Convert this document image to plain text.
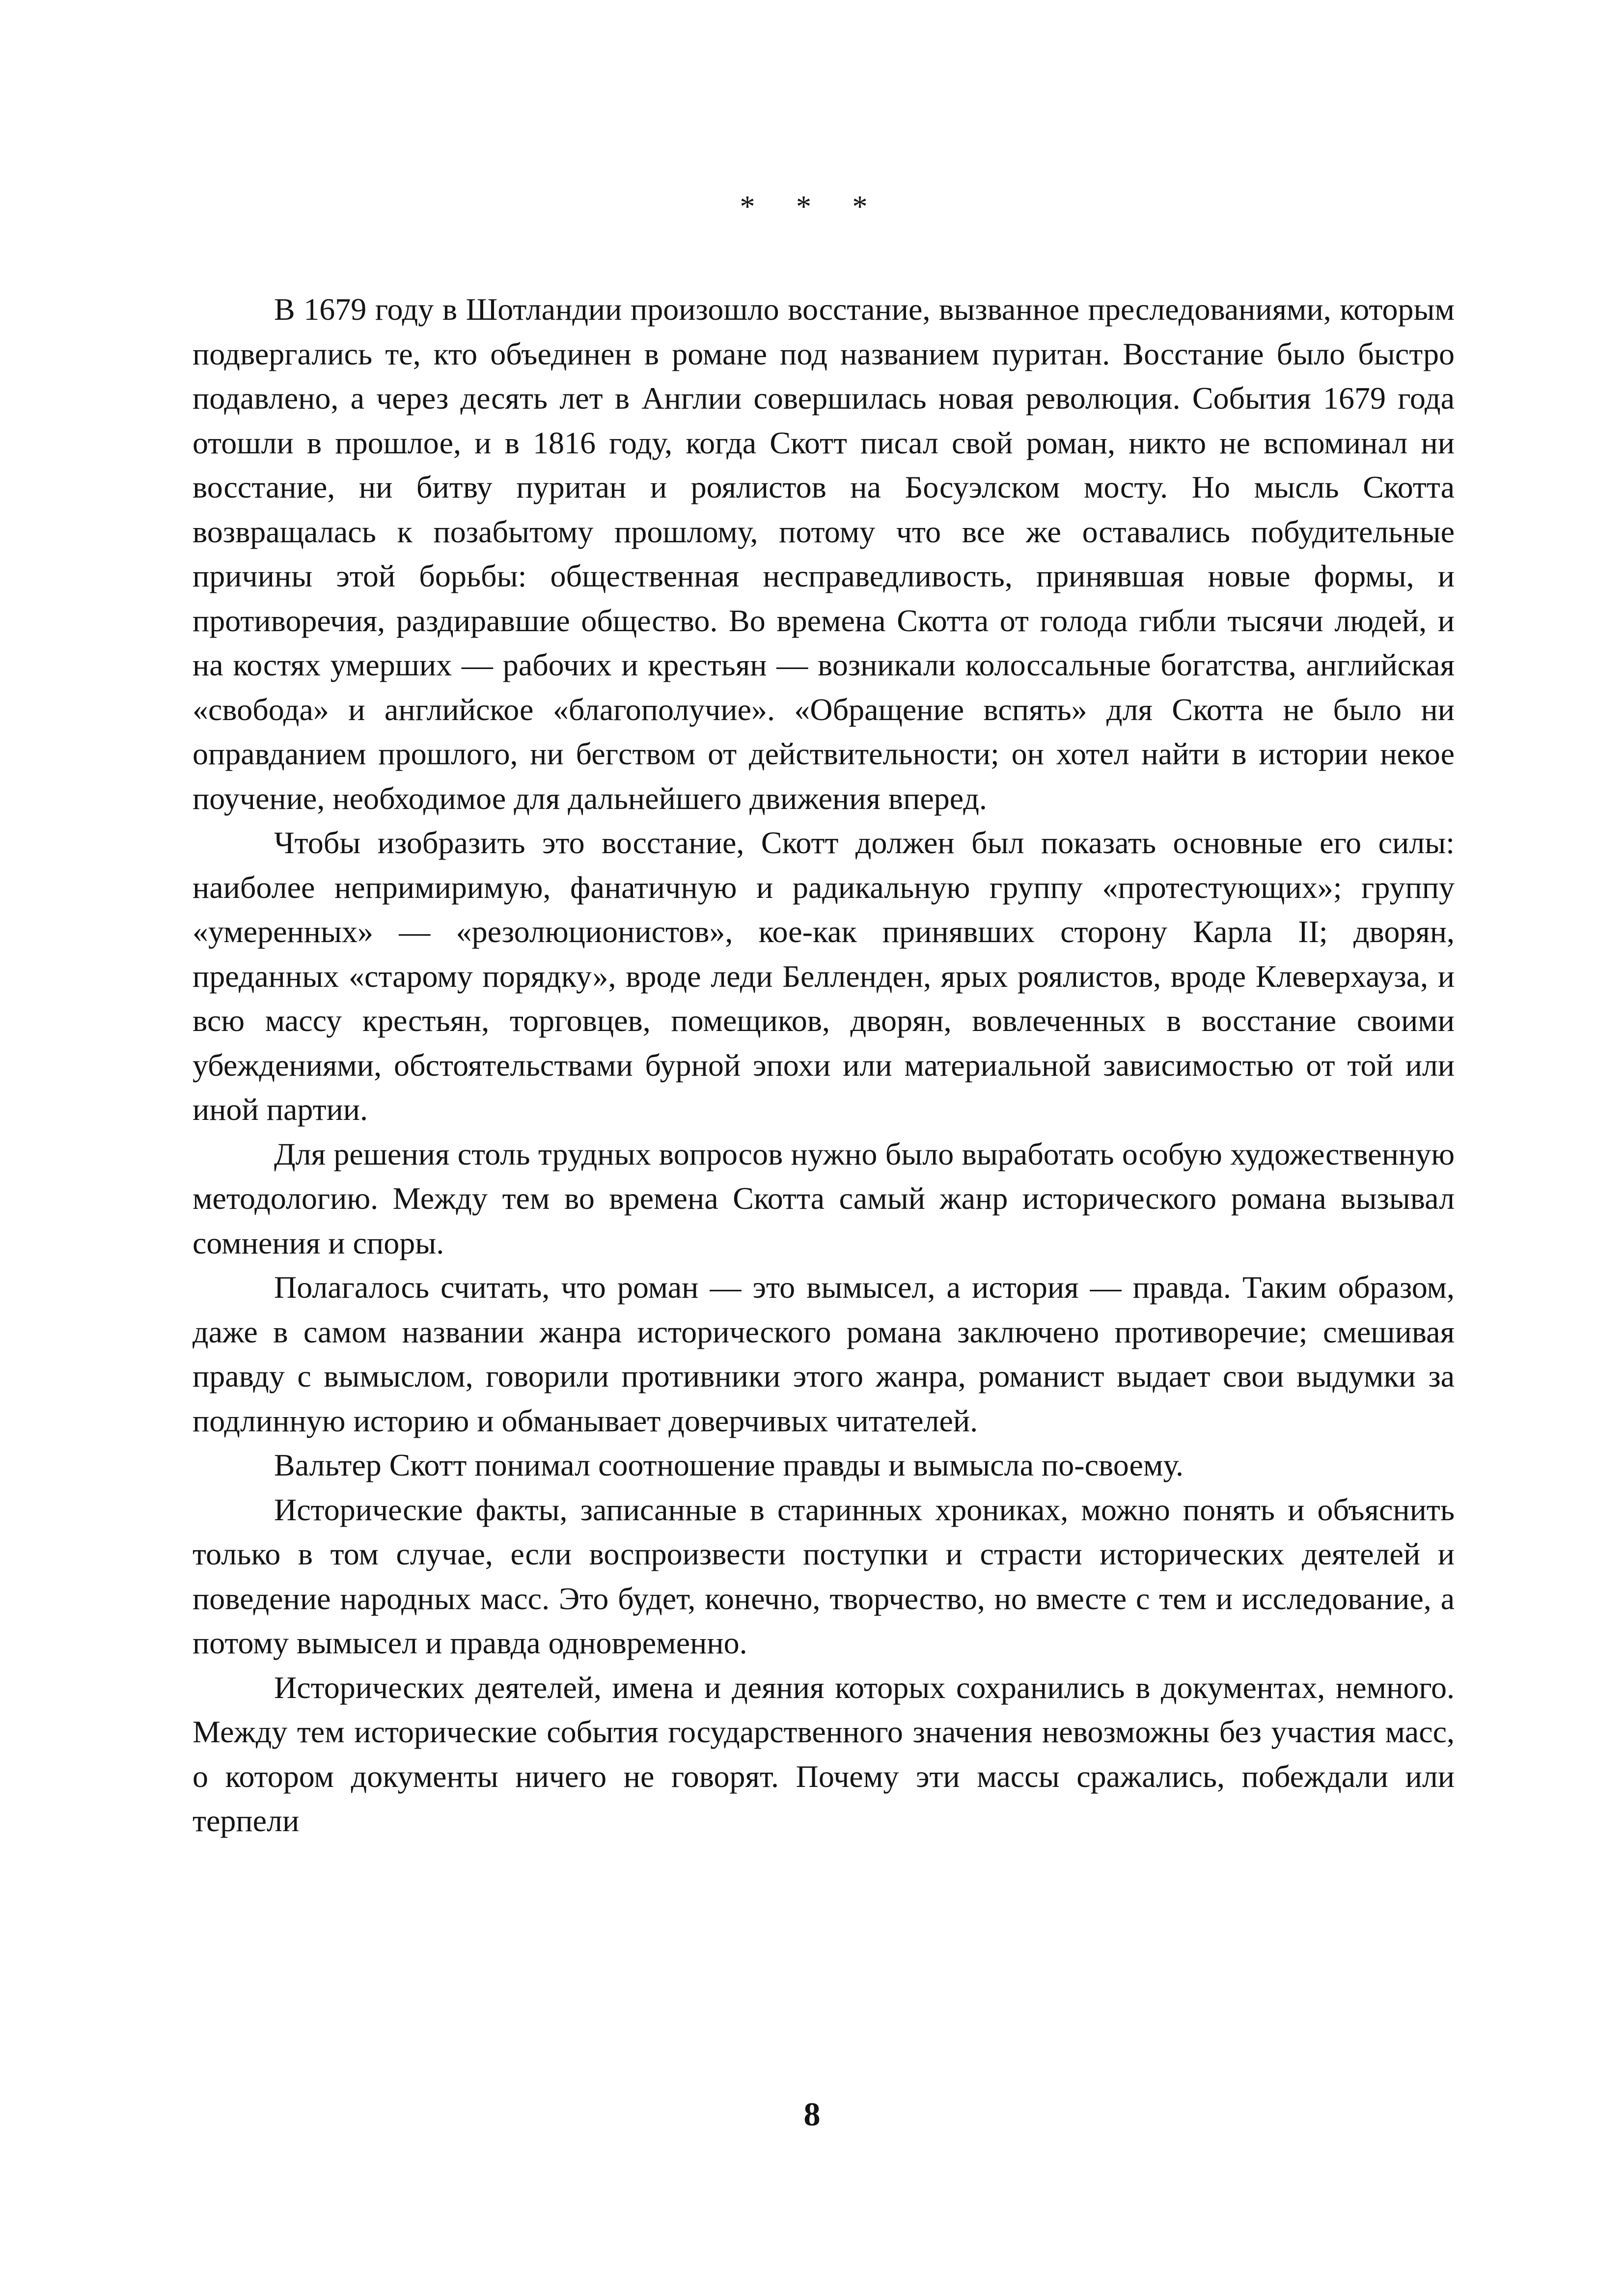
* * *

В 1679 году в Шотландии произошло восстание, вызванное преследованиями, которым подвергались те, кто объединен в романе под названием пуритан. Восстание было быстро подавлено, а через десять лет в Англии совершилась новая революция. События 1679 года отошли в прошлое, и в 1816 году, когда Скотт писал свой роман, никто не вспоминал ни восстание, ни битву пуритан и роялистов на Босуэлском мосту. Но мысль Скотта возвращалась к позабытому прошлому, потому что все же оставались побудительные причины этой борьбы: общественная несправедливость, принявшая новые формы, и противоречия, раздиравшие общество. Во времена Скотта от голода гибли тысячи людей, и на костях умерших — рабочих и крестьян — возникали колоссальные богатства, английская «свобода» и английское «благополучие». «Обращение вспять» для Скотта не было ни оправданием прошлого, ни бегством от действительности; он хотел найти в истории некое поучение, необходимое для дальнейшего движения вперед.

Чтобы изобразить это восстание, Скотт должен был показать основные его силы: наиболее непримиримую, фанатичную и радикальную группу «протестующих»; группу «умеренных» — «резолюционистов», кое-как принявших сторону Карла II; дворян, преданных «старому порядку», вроде леди Белленден, ярых роялистов, вроде Клеверхауза, и всю массу крестьян, торговцев, помещиков, дворян, вовлеченных в восстание своими убеждениями, обстоятельствами бурной эпохи или материальной зависимостью от той или иной партии.

Для решения столь трудных вопросов нужно было выработать особую художественную методологию. Между тем во времена Скотта самый жанр исторического романа вызывал сомнения и споры.

Полагалось считать, что роман — это вымысел, а история — правда. Таким образом, даже в самом названии жанра исторического романа заключено противоречие; смешивая правду с вымыслом, говорили противники этого жанра, романист выдает свои выдумки за подлинную историю и обманывает доверчивых читателей.

Вальтер Скотт понимал соотношение правды и вымысла по-своему.

Исторические факты, записанные в старинных хрониках, можно понять и объяснить только в том случае, если воспроизвести поступки и страсти исторических деятелей и поведение народных масс. Это будет, конечно, творчество, но вместе с тем и исследование, а потому вымысел и правда одновременно.

Исторических деятелей, имена и деяния которых сохранились в документах, немного. Между тем исторические события государственного значения невозможны без участия масс, о котором документы ничего не говорят. Почему эти массы сражались, побеждали или терпели

8
